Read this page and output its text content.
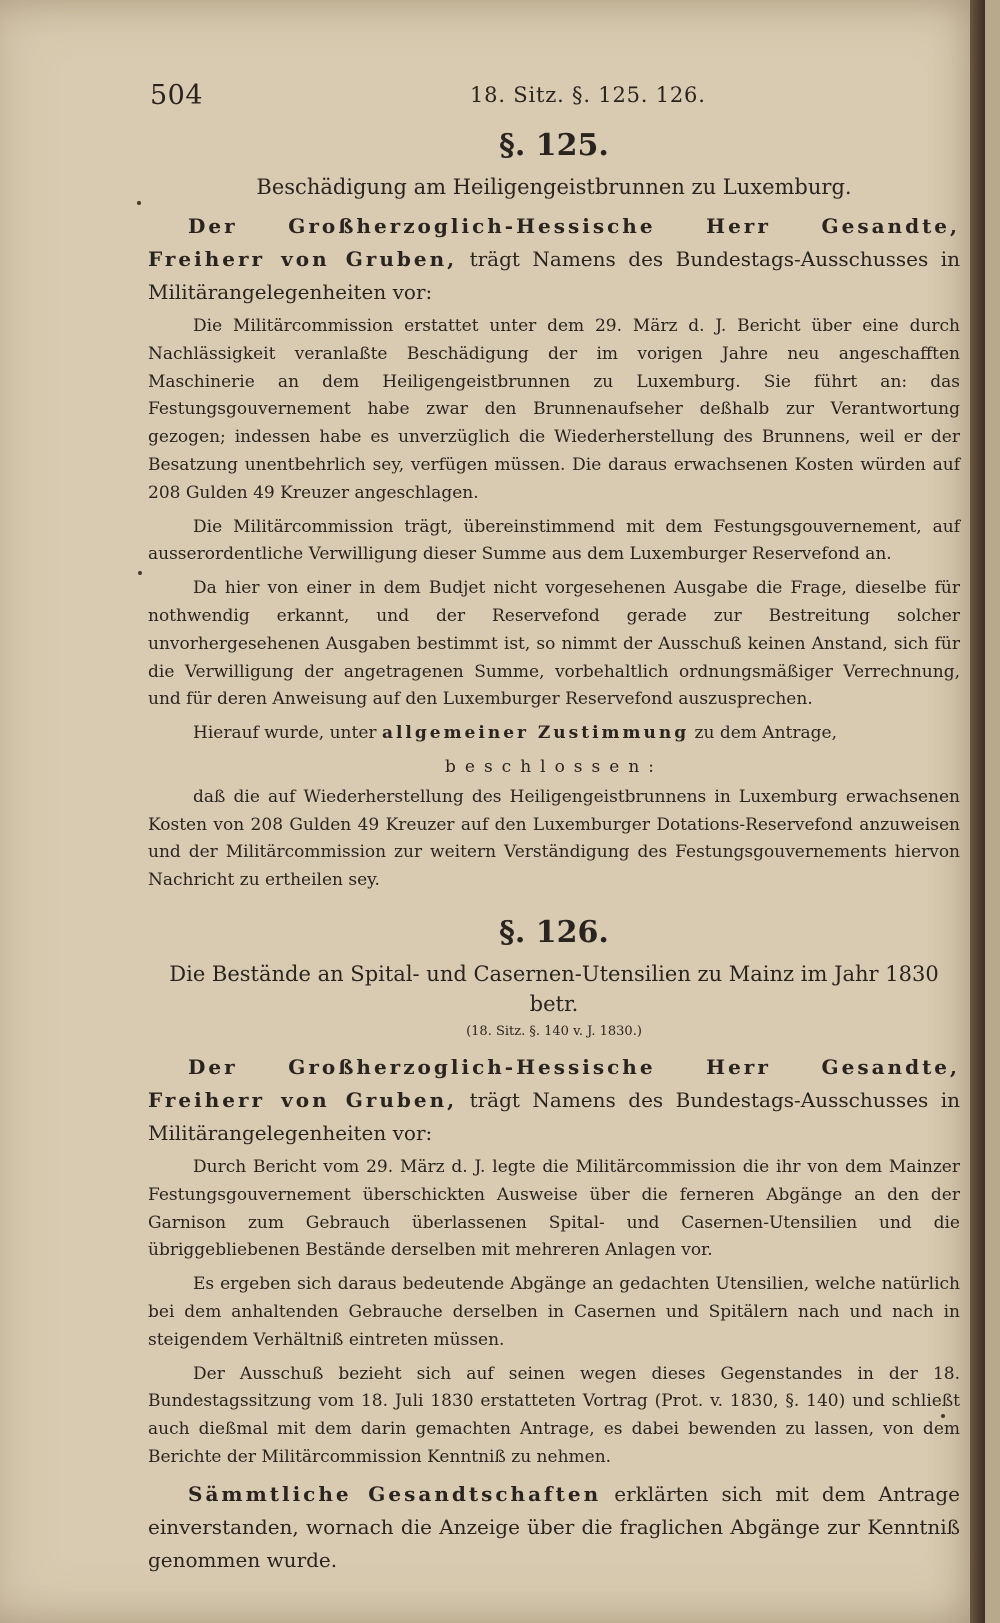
504	18. Sitz. §. 125. 126.
§. 125.
Beschädigung am Heiligengeistbrunnen zu Luxemburg.

Der Großherzoglich-Hessische Herr Gesandte, Freiherr von Gruben, trägt Namens des Bundestags-Ausschusses in Militärangelegenheiten vor:

Die Militärcommission erstattet unter dem 29. März d. J. Bericht über eine durch Nachlässigkeit veranlaßte Beschädigung der im vorigen Jahre neu angeschafften Maschinerie an dem Heiligengeistbrunnen zu Luxemburg. Sie führt an: das Festungsgouvernement habe zwar den Brunnenaufseher deßhalb zur Verantwortung gezogen; indessen habe es unverzüglich die Wiederherstellung des Brunnens, weil er der Besatzung unentbehrlich sey, verfügen müssen. Die daraus erwachsenen Kosten würden auf 208 Gulden 49 Kreuzer angeschlagen.

Die Militärcommission trägt, übereinstimmend mit dem Festungsgouvernement, auf ausserordentliche Verwilligung dieser Summe aus dem Luxemburger Reservefond an.

Da hier von einer in dem Budjet nicht vorgesehenen Ausgabe die Frage, dieselbe für nothwendig erkannt, und der Reservefond gerade zur Bestreitung solcher unvorhergesehenen Ausgaben bestimmt ist, so nimmt der Ausschuß keinen Anstand, sich für die Verwilligung der angetragenen Summe, vorbehaltlich ordnungsmäßiger Verrechnung, und für deren Anweisung auf den Luxemburger Reservefond auszusprechen.

Hierauf wurde, unter allgemeiner Zustimmung zu dem Antrage,

beschlossen:

daß die auf Wiederherstellung des Heiligengeistbrunnens in Luxemburg erwachsenen Kosten von 208 Gulden 49 Kreuzer auf den Luxemburger Dotations-Reservefond anzuweisen und der Militärcommission zur weitern Verständigung des Festungsgouvernements hiervon Nachricht zu ertheilen sey.

§. 126.
Die Bestände an Spital- und Casernen-Utensilien zu Mainz im Jahr 1830 betr.
(18. Sitz. §. 140 v. J. 1830.)

Der Großherzoglich-Hessische Herr Gesandte, Freiherr von Gruben, trägt Namens des Bundestags-Ausschusses in Militärangelegenheiten vor:

Durch Bericht vom 29. März d. J. legte die Militärcommission die ihr von dem Mainzer Festungsgouvernement überschickten Ausweise über die ferneren Abgänge an den der Garnison zum Gebrauch überlassenen Spital- und Casernen-Utensilien und die übriggebliebenen Bestände derselben mit mehreren Anlagen vor.

Es ergeben sich daraus bedeutende Abgänge an gedachten Utensilien, welche natürlich bei dem anhaltenden Gebrauche derselben in Casernen und Spitälern nach und nach in steigendem Verhältniß eintreten müssen.

Der Ausschuß bezieht sich auf seinen wegen dieses Gegenstandes in der 18. Bundestagssitzung vom 18. Juli 1830 erstatteten Vortrag (Prot. v. 1830, §. 140) und schließt auch dießmal mit dem darin gemachten Antrage, es dabei bewenden zu lassen, von dem Berichte der Militärcommission Kenntniß zu nehmen.

Sämmtliche Gesandtschaften erklärten sich mit dem Antrage einverstanden, wornach die Anzeige über die fraglichen Abgänge zur Kenntniß genommen wurde.
